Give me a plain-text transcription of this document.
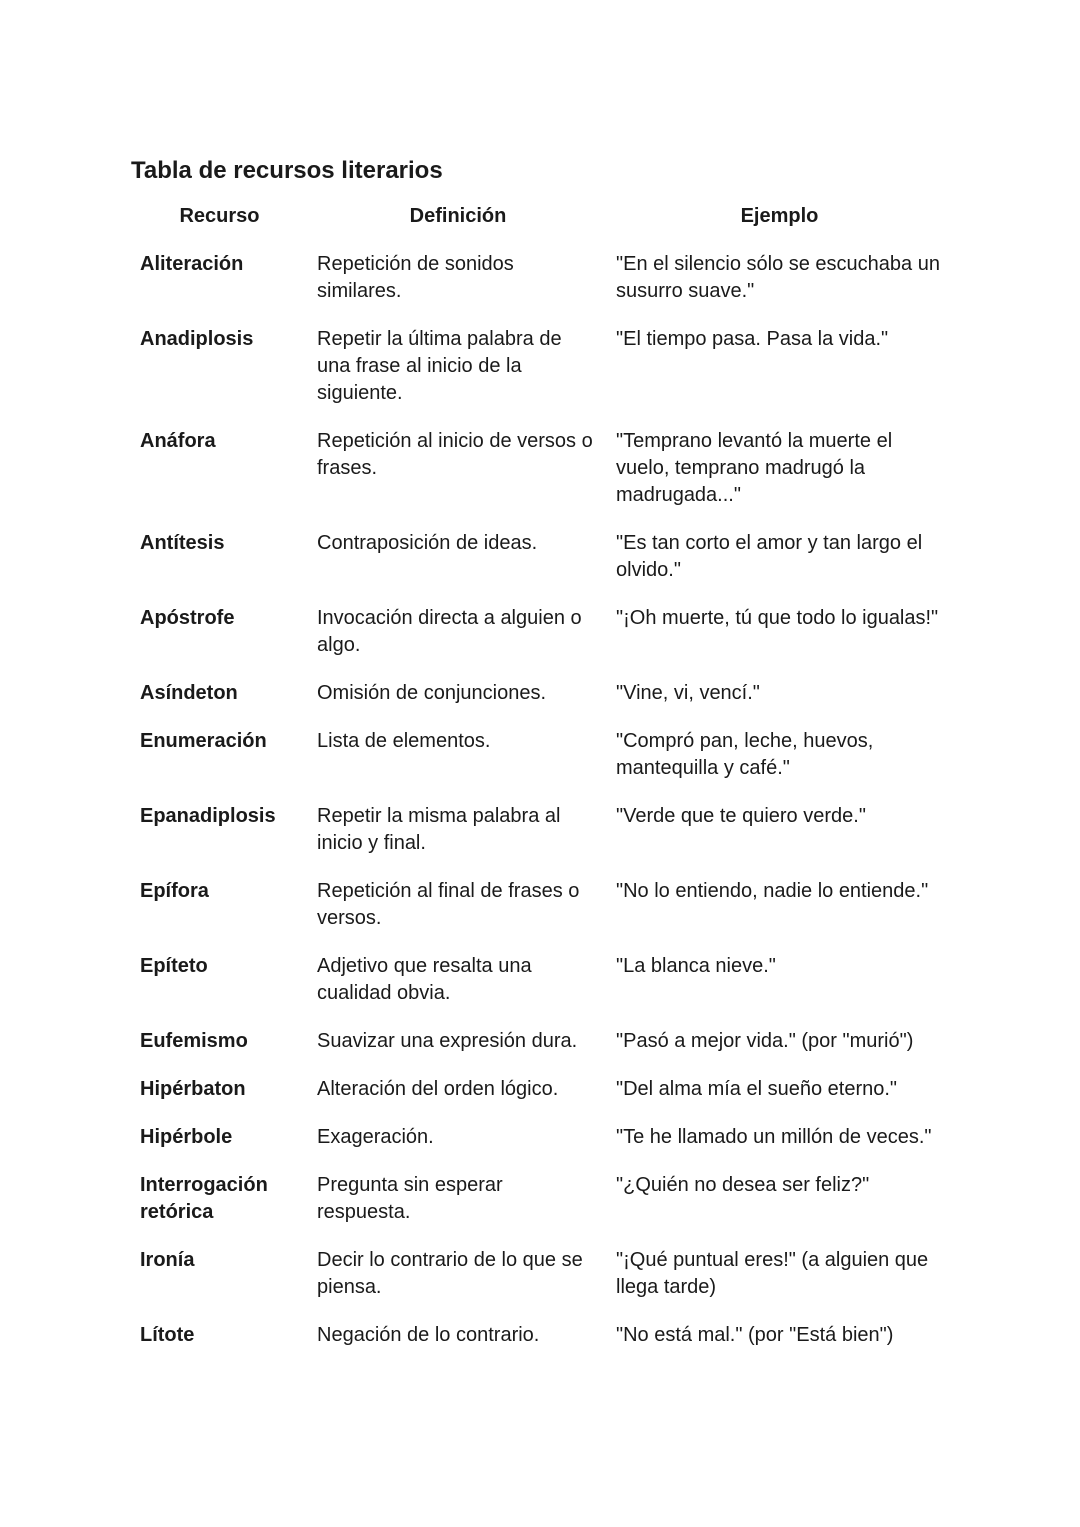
Tabla de recursos literarios
Recurso	Definición	Ejemplo
Aliteración	Repetición de sonidos similares.	"En el silencio sólo se escuchaba un susurro suave."
Anadiplosis	Repetir la última palabra de una frase al inicio de la siguiente.	"El tiempo pasa. Pasa la vida."
Anáfora	Repetición al inicio de versos o frases.	"Temprano levantó la muerte el vuelo, temprano madrugó la madrugada..."
Antítesis	Contraposición de ideas.	"Es tan corto el amor y tan largo el olvido."
Apóstrofe	Invocación directa a alguien o algo.	"¡Oh muerte, tú que todo lo igualas!"
Asíndeton	Omisión de conjunciones.	"Vine, vi, vencí."
Enumeración	Lista de elementos.	"Compró pan, leche, huevos, mantequilla y café."
Epanadiplosis	Repetir la misma palabra al inicio y final.	"Verde que te quiero verde."
Epífora	Repetición al final de frases o versos.	"No lo entiendo, nadie lo entiende."
Epíteto	Adjetivo que resalta una cualidad obvia.	"La blanca nieve."
Eufemismo	Suavizar una expresión dura.	"Pasó a mejor vida." (por "murió")
Hipérbaton	Alteración del orden lógico.	"Del alma mía el sueño eterno."
Hipérbole	Exageración.	"Te he llamado un millón de veces."
Interrogación retórica	Pregunta sin esperar respuesta.	"¿Quién no desea ser feliz?"
Ironía	Decir lo contrario de lo que se piensa.	"¡Qué puntual eres!" (a alguien que llega tarde)
Lítote	Negación de lo contrario.	"No está mal." (por "Está bien")
